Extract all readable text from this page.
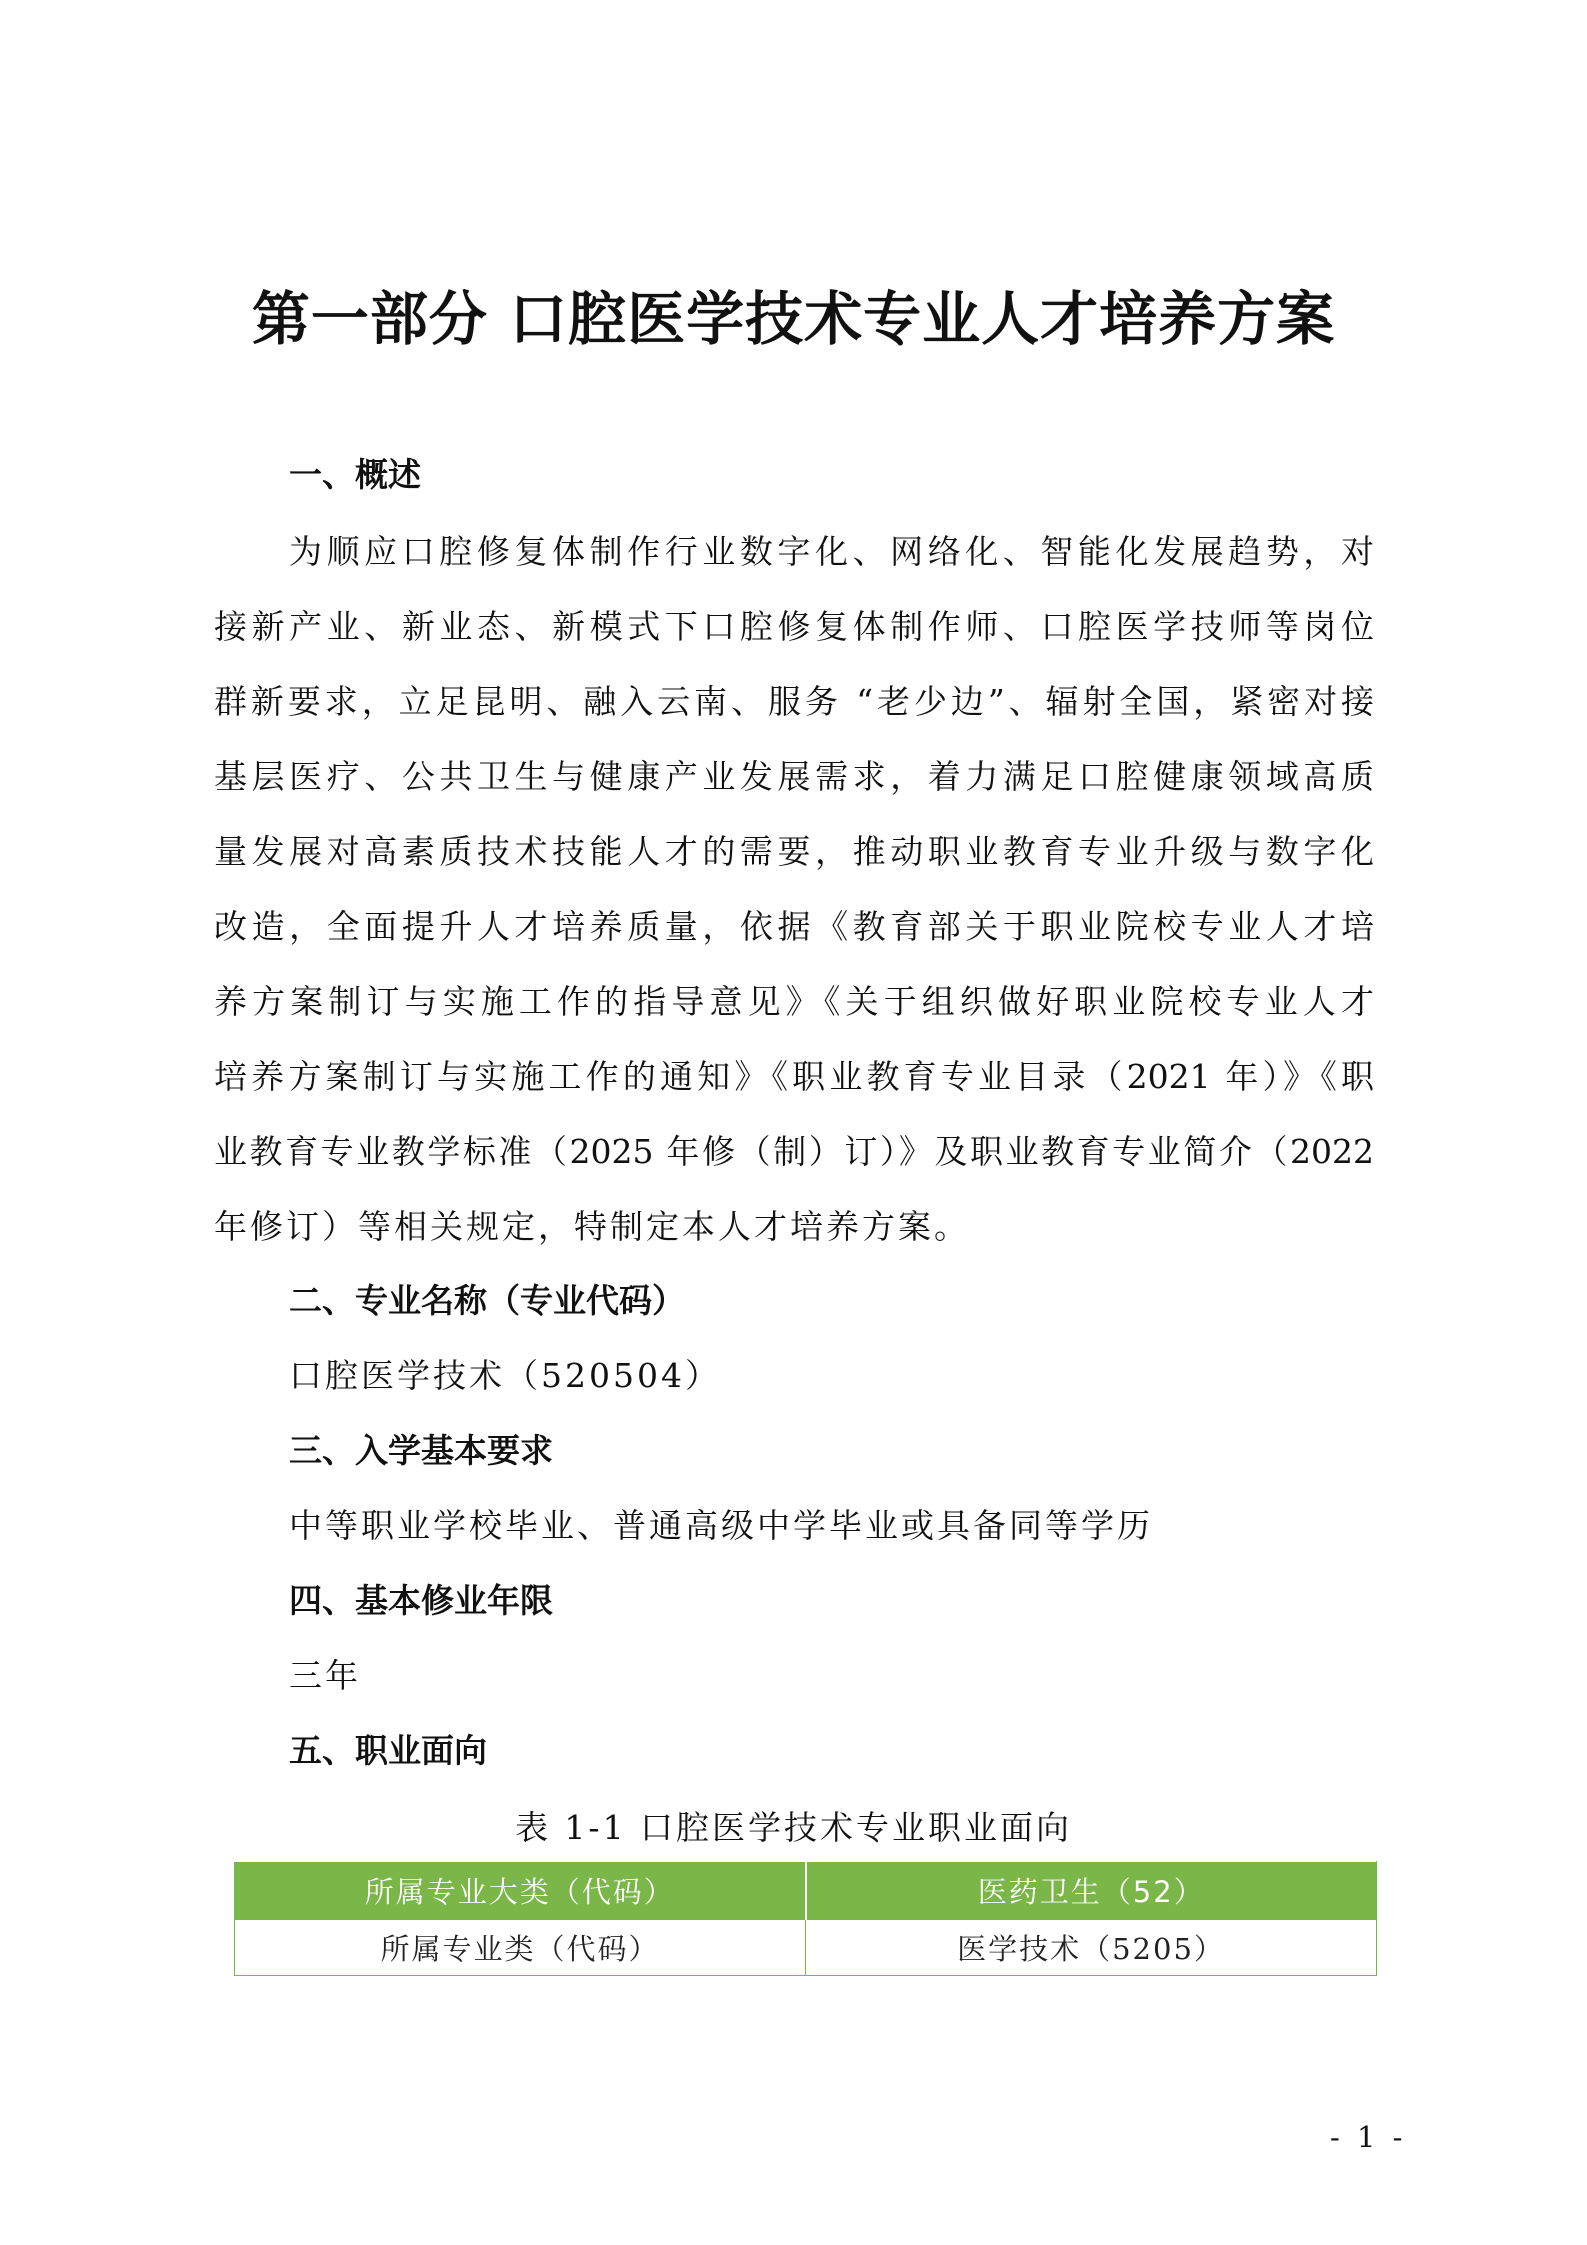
第一部分 口腔医学技术专业人才培养方案
一、概述
为顺应口腔修复体制作行业数字化、网络化、智能化发展趋势，对
接新产业、新业态、新模式下口腔修复体制作师、口腔医学技师等岗位
群新要求，立足昆明、融入云南、服务 “老少边”、辐射全国，紧密对接
基层医疗、公共卫生与健康产业发展需求，着力满足口腔健康领域高质
量发展对高素质技术技能人才的需要，推动职业教育专业升级与数字化
改造，全面提升人才培养质量，依据《教育部关于职业院校专业人才培
养方案制订与实施工作的指导意见》《关于组织做好职业院校专业人才
培养方案制订与实施工作的通知》《职业教育专业目录（2021 年）》《职
业教育专业教学标准（2025 年修（制）订）》及职业教育专业简介（2022
年修订）等相关规定，特制定本人才培养方案。
二、专业名称（专业代码）

口腔医学技术（520504）

三、入学基本要求

中等职业学校毕业、普通高级中学毕业或具备同等学历

四、基本修业年限

三年

五、职业面向

表 1-1 口腔医学技术专业职业面向

所属专业大类（代码）	医药卫生（52）
所属专业类（代码）	医学技术（5205）

- 1 -
